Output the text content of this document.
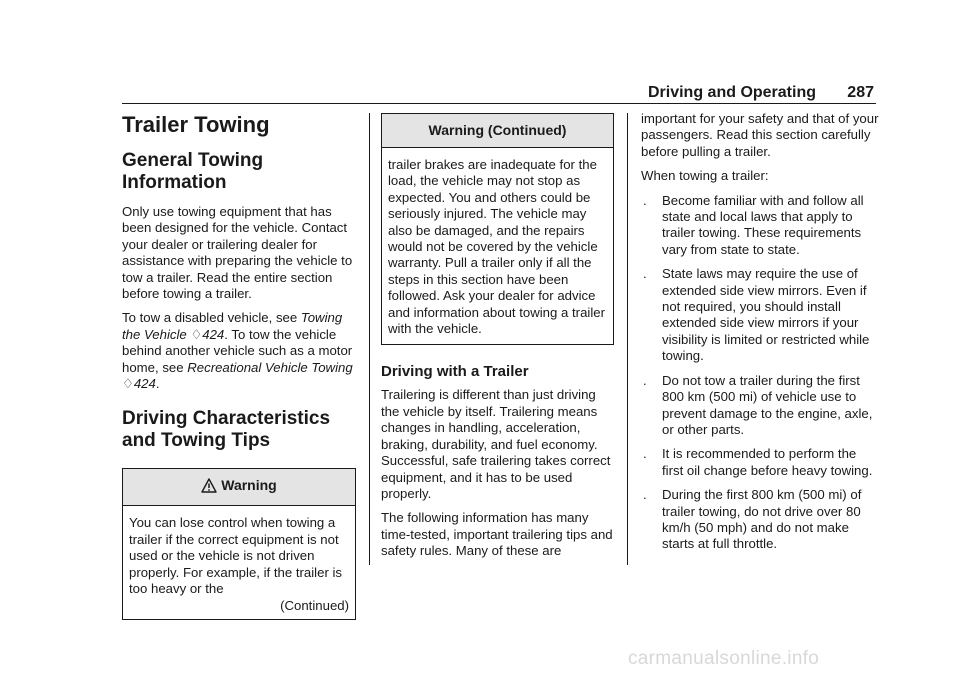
Driving and Operating 287
Trailer Towing
General Towing Information

Only use towing equipment that has been designed for the vehicle. Contact your dealer or trailering dealer for assistance with preparing the vehicle to tow a trailer. Read the entire section before towing a trailer.

To tow a disabled vehicle, see Towing the Vehicle ♢424. To tow the vehicle behind another vehicle such as a motor home, see Recreational Vehicle Towing ♢424.

Driving Characteristics and Towing Tips
Warning
You can lose control when towing a trailer if the correct equipment is not used or the vehicle is not driven properly. For example, if the trailer is too heavy or the
(Continued)
Warning (Continued)
trailer brakes are inadequate for the load, the vehicle may not stop as expected. You and others could be seriously injured. The vehicle may also be damaged, and the repairs would not be covered by the vehicle warranty. Pull a trailer only if all the steps in this section have been followed. Ask your dealer for advice and information about towing a trailer with the vehicle.
Driving with a Trailer

Trailering is different than just driving the vehicle by itself. Trailering means changes in handling, acceleration, braking, durability, and fuel economy. Successful, safe trailering takes correct equipment, and it has to be used properly.

The following information has many time-tested, important trailering tips and safety rules. Many of these are

important for your safety and that of your passengers. Read this section carefully before pulling a trailer.

When towing a trailer:

. Become familiar with and follow all state and local laws that apply to trailer towing. These requirements vary from state to state.
. State laws may require the use of extended side view mirrors. Even if not required, you should install extended side view mirrors if your visibility is limited or restricted while towing.
. Do not tow a trailer during the first 800 km (500 mi) of vehicle use to prevent damage to the engine, axle, or other parts.
. It is recommended to perform the first oil change before heavy towing.
. During the first 800 km (500 mi) of trailer towing, do not drive over 80 km/h (50 mph) and do not make starts at full throttle.
carmanualsonline.info
